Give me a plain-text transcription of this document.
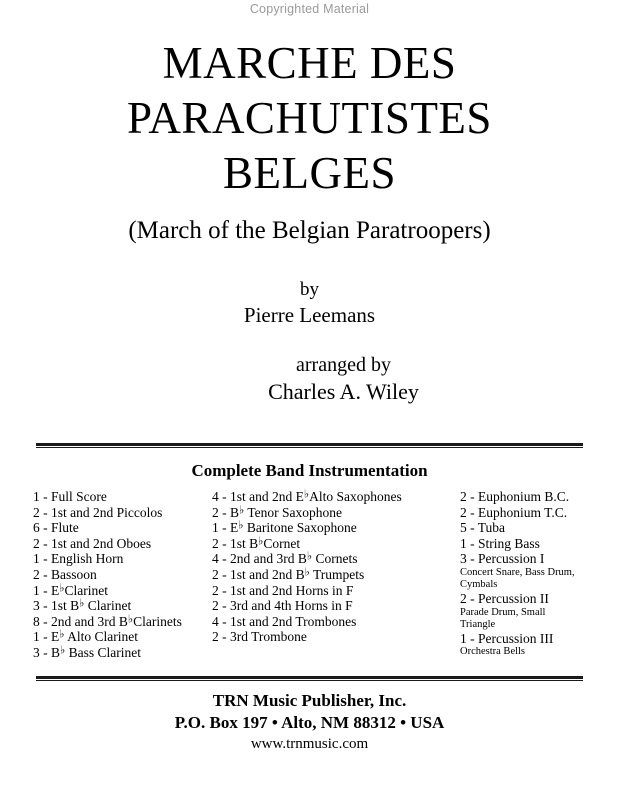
Copyrighted Material
MARCHE DES
PARACHUTISTES
BELGES
(March of the Belgian Paratroopers)
by
Pierre Leemans
arranged by
Charles A. Wiley
Complete Band Instrumentation
1 - Full Score
2 - 1st and 2nd Piccolos
6 - Flute
2 - 1st and 2nd Oboes
1 - English Horn
2 - Bassoon
1 - E♭Clarinet
3 - 1st B♭ Clarinet
8 - 2nd and 3rd B♭Clarinets
1 - E♭ Alto Clarinet
3 - B♭ Bass Clarinet
4 - 1st and 2nd E♭Alto Saxophones
2 - B♭ Tenor Saxophone
1 - E♭ Baritone Saxophone
2 - 1st B♭Cornet
4 - 2nd and 3rd B♭ Cornets
2 - 1st and 2nd B♭ Trumpets
2 - 1st and 2nd Horns in F
2 - 3rd and 4th Horns in F
4 - 1st and 2nd Trombones
2 - 3rd Trombone
2 - Euphonium B.C.
2 - Euphonium T.C.
5 - Tuba
1 - String Bass
3 - Percussion I
Concert Snare, Bass Drum,
Cymbals
2 - Percussion II
Parade Drum, Small
Triangle
1 - Percussion III
Orchestra Bells
TRN Music Publisher, Inc.
P.O. Box 197 • Alto, NM 88312 • USA
www.trnmusic.com
